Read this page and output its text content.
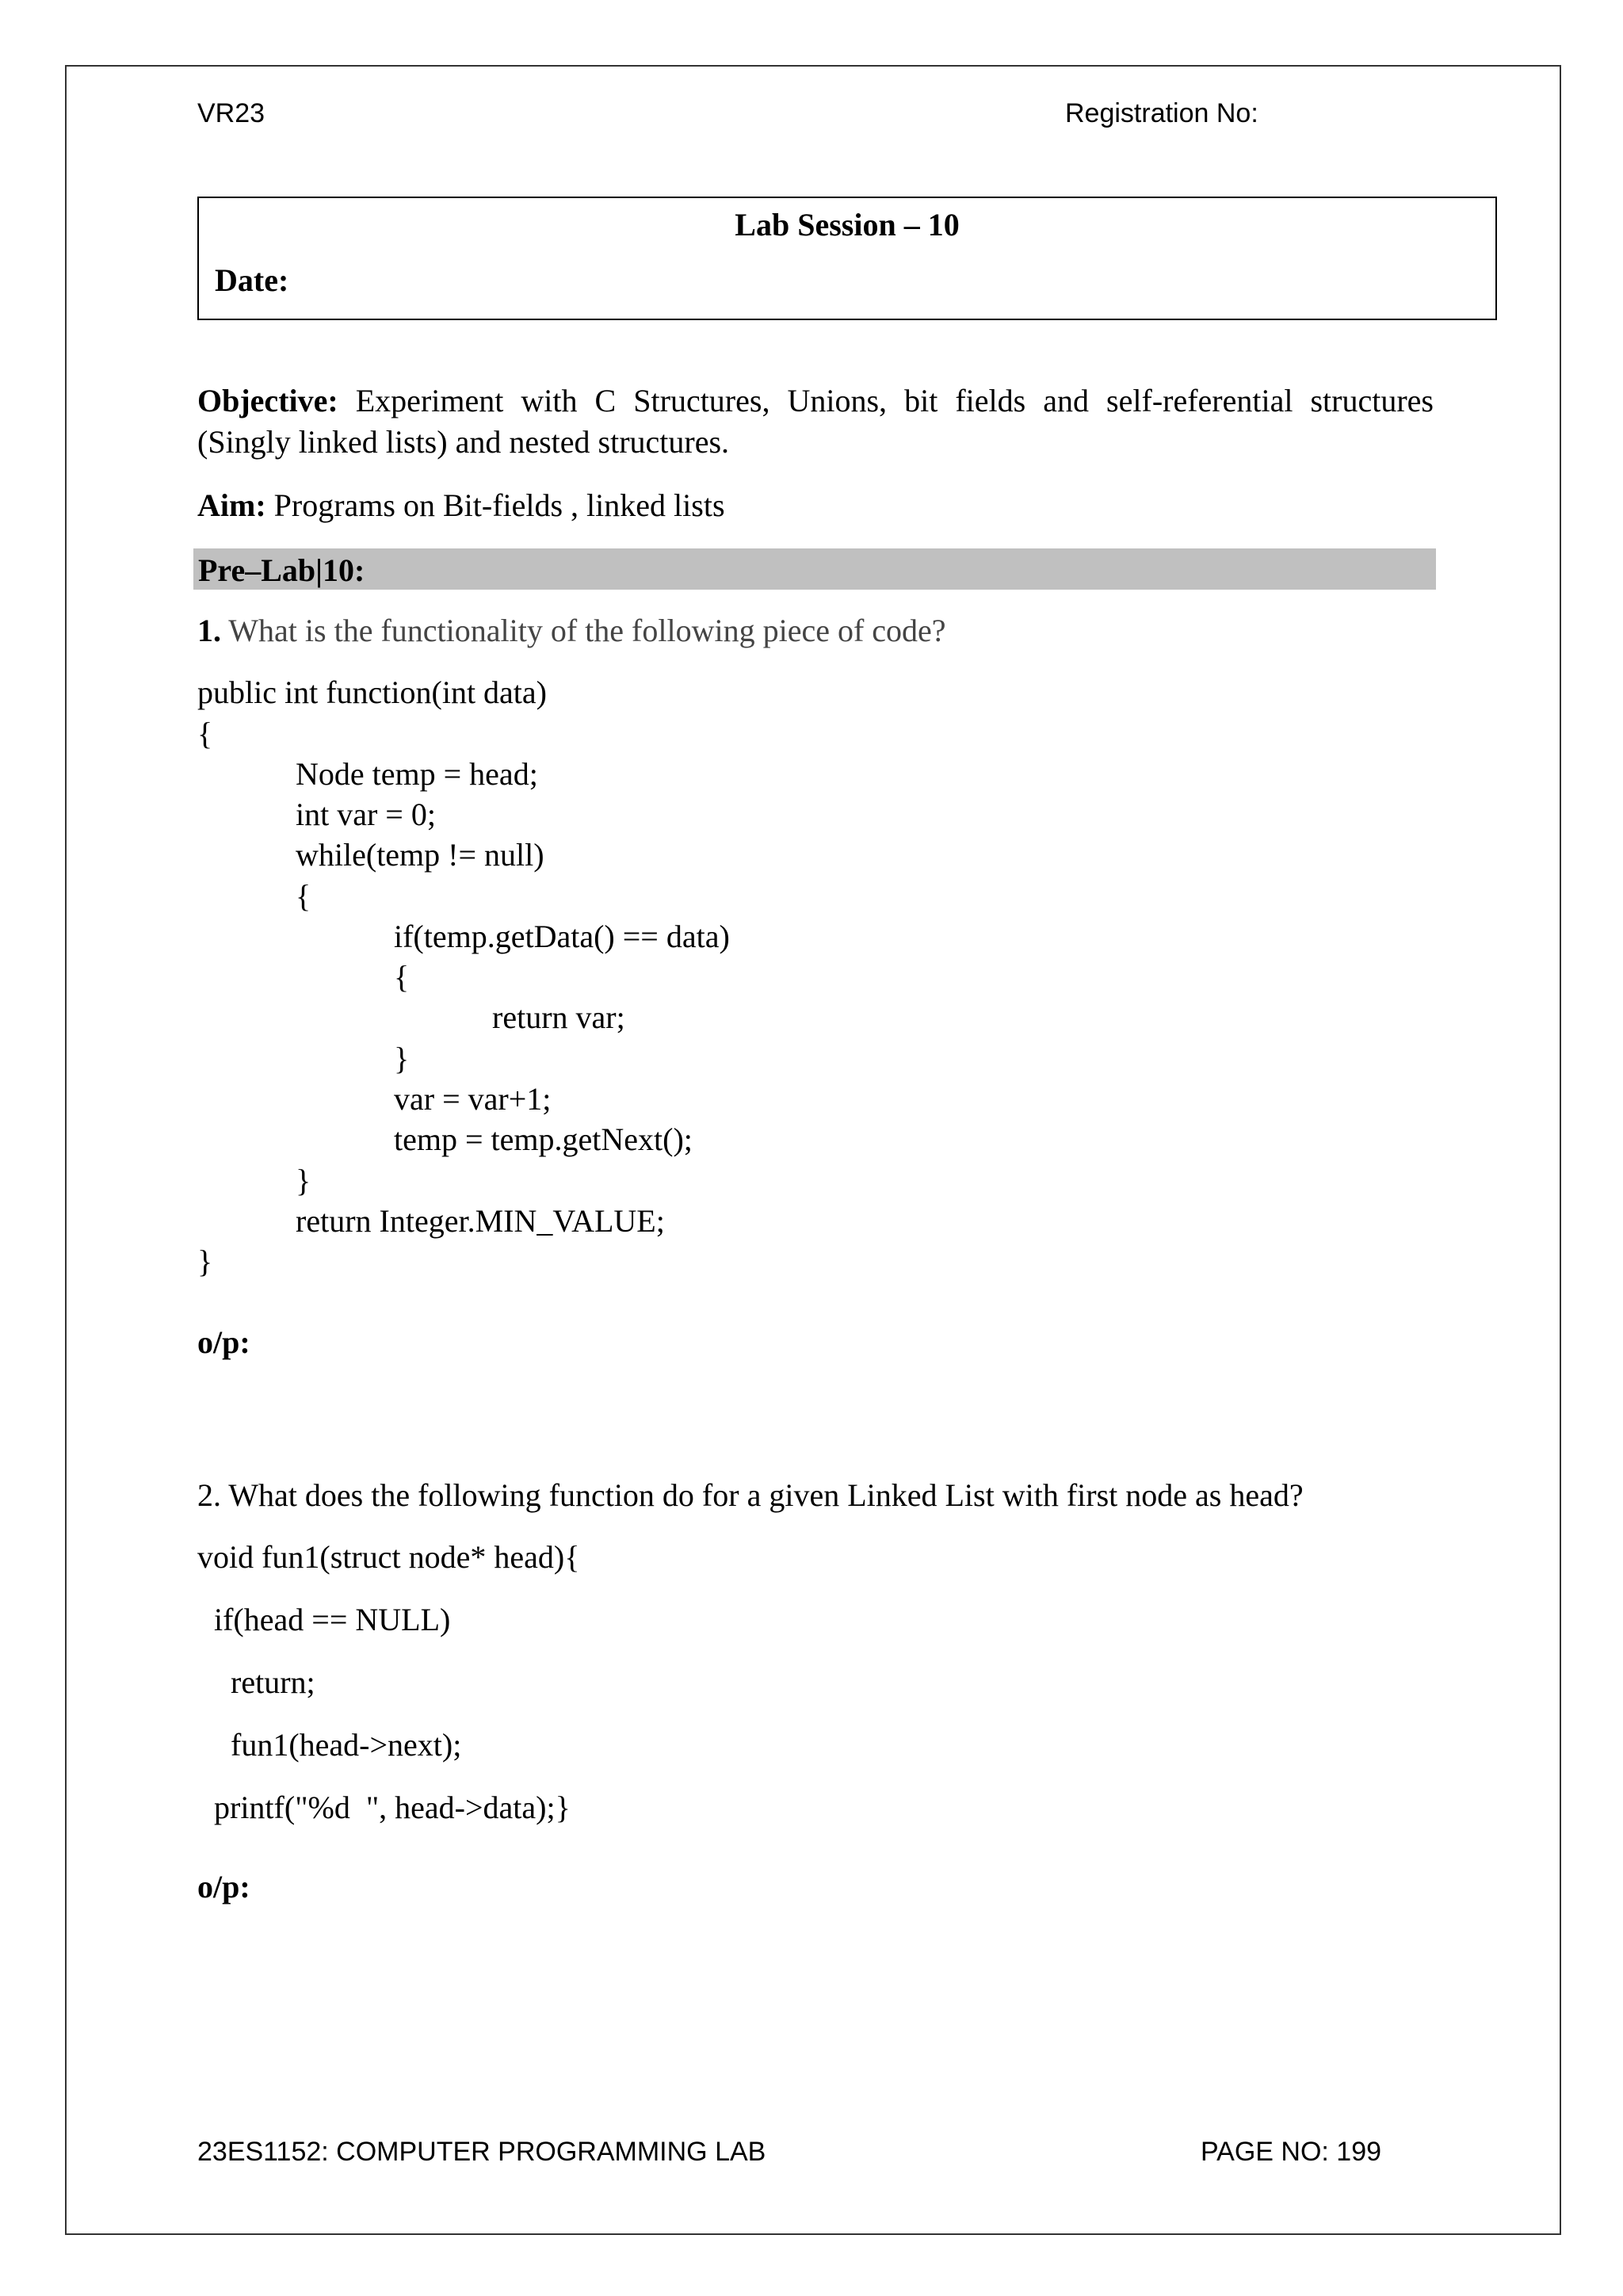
VR23	Registration No:
Lab Session – 10
Date:
Objective: Experiment with C Structures, Unions, bit fields and self-referential structures (Singly linked lists) and nested structures.
Aim: Programs on Bit-fields , linked lists
Pre–Lab|10:
1. What is the functionality of the following piece of code?
public int function(int data)
{
Node temp = head;
int var = 0;
while(temp != null)
{
if(temp.getData() == data)
{
return var;
}
var = var+1;
temp = temp.getNext();
}
return Integer.MIN_VALUE;
}
o/p:
2. What does the following function do for a given Linked List with first node as head?
void fun1(struct node* head){
if(head == NULL)
return;
fun1(head->next);
printf("%d  ", head->data);}
o/p:
23ES1152: COMPUTER PROGRAMMING LAB	PAGE NO: 199
